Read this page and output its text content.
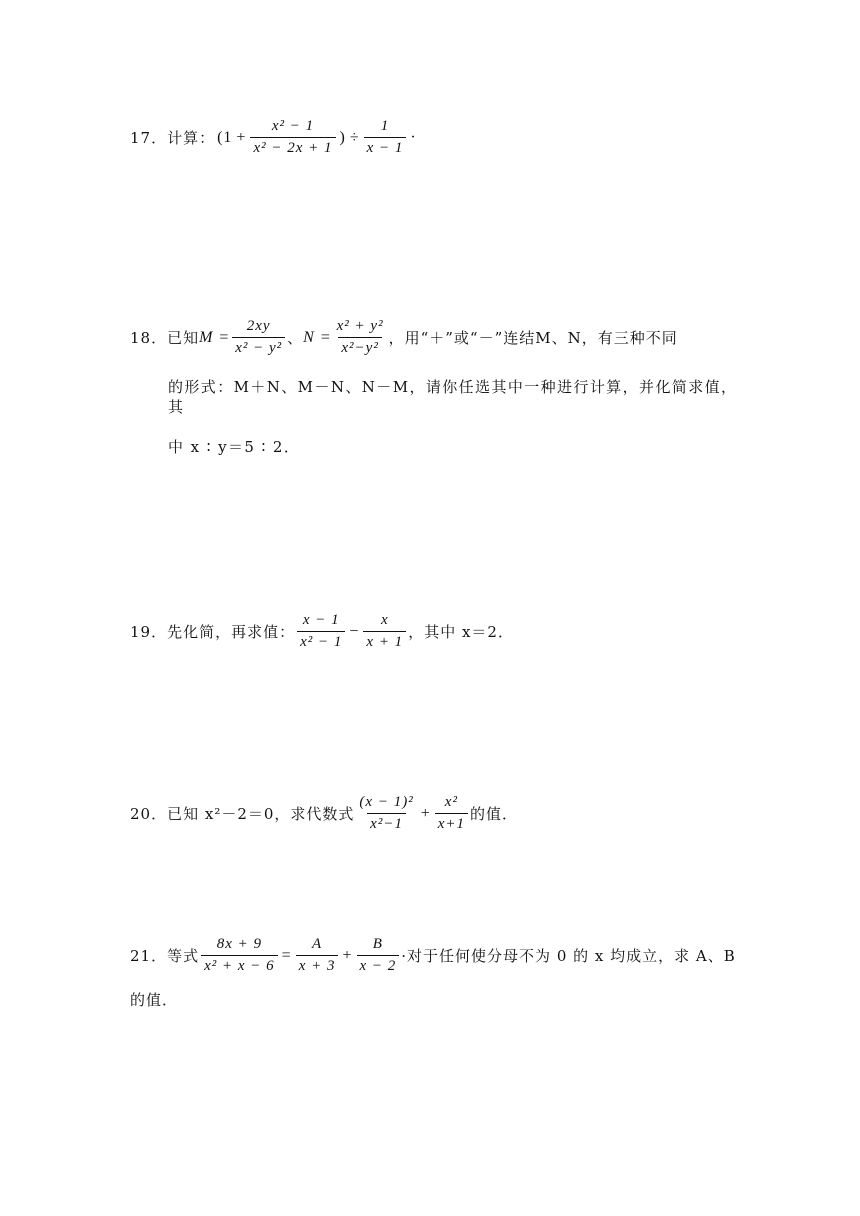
17．计算： ($1 + \frac{\text{x² − 1}}{\text{x² − 2x + 1}}$ ) ÷ $\frac{1}{x - 1}$ ·
18．已知 $M = \frac{2xy}{\text{x² − y²}}$ 、 $N = \frac{\text{x² + y²}}{\text{x²−y²}}$ ，用“＋”或“－”连结M、N，有三种不同
的形式：M＋N、M－N、N－M，请你任选其中一种进行计算，并化简求值，其
中 x ∶ y＝5 ∶ 2．
19．先化简，再求值： $\frac{x - 1}{\text{x² − 1}} - \frac{x}{x + 1}$ ，其中 x＝2．
20．已知 x²－2＝0，求代数式 $\frac{\text{(x − 1)²}}{\text{x²−1}} + \frac{\text{x²}}{x+1}$ 的值．
21．等式 $\frac{8x + 9}{\text{x² + x − 6}} = \frac{A}{x + 3} + \frac{B}{x - 2}$ ·对于任何使分母不为 0 的 x 均成立，求 A、B
的值．
